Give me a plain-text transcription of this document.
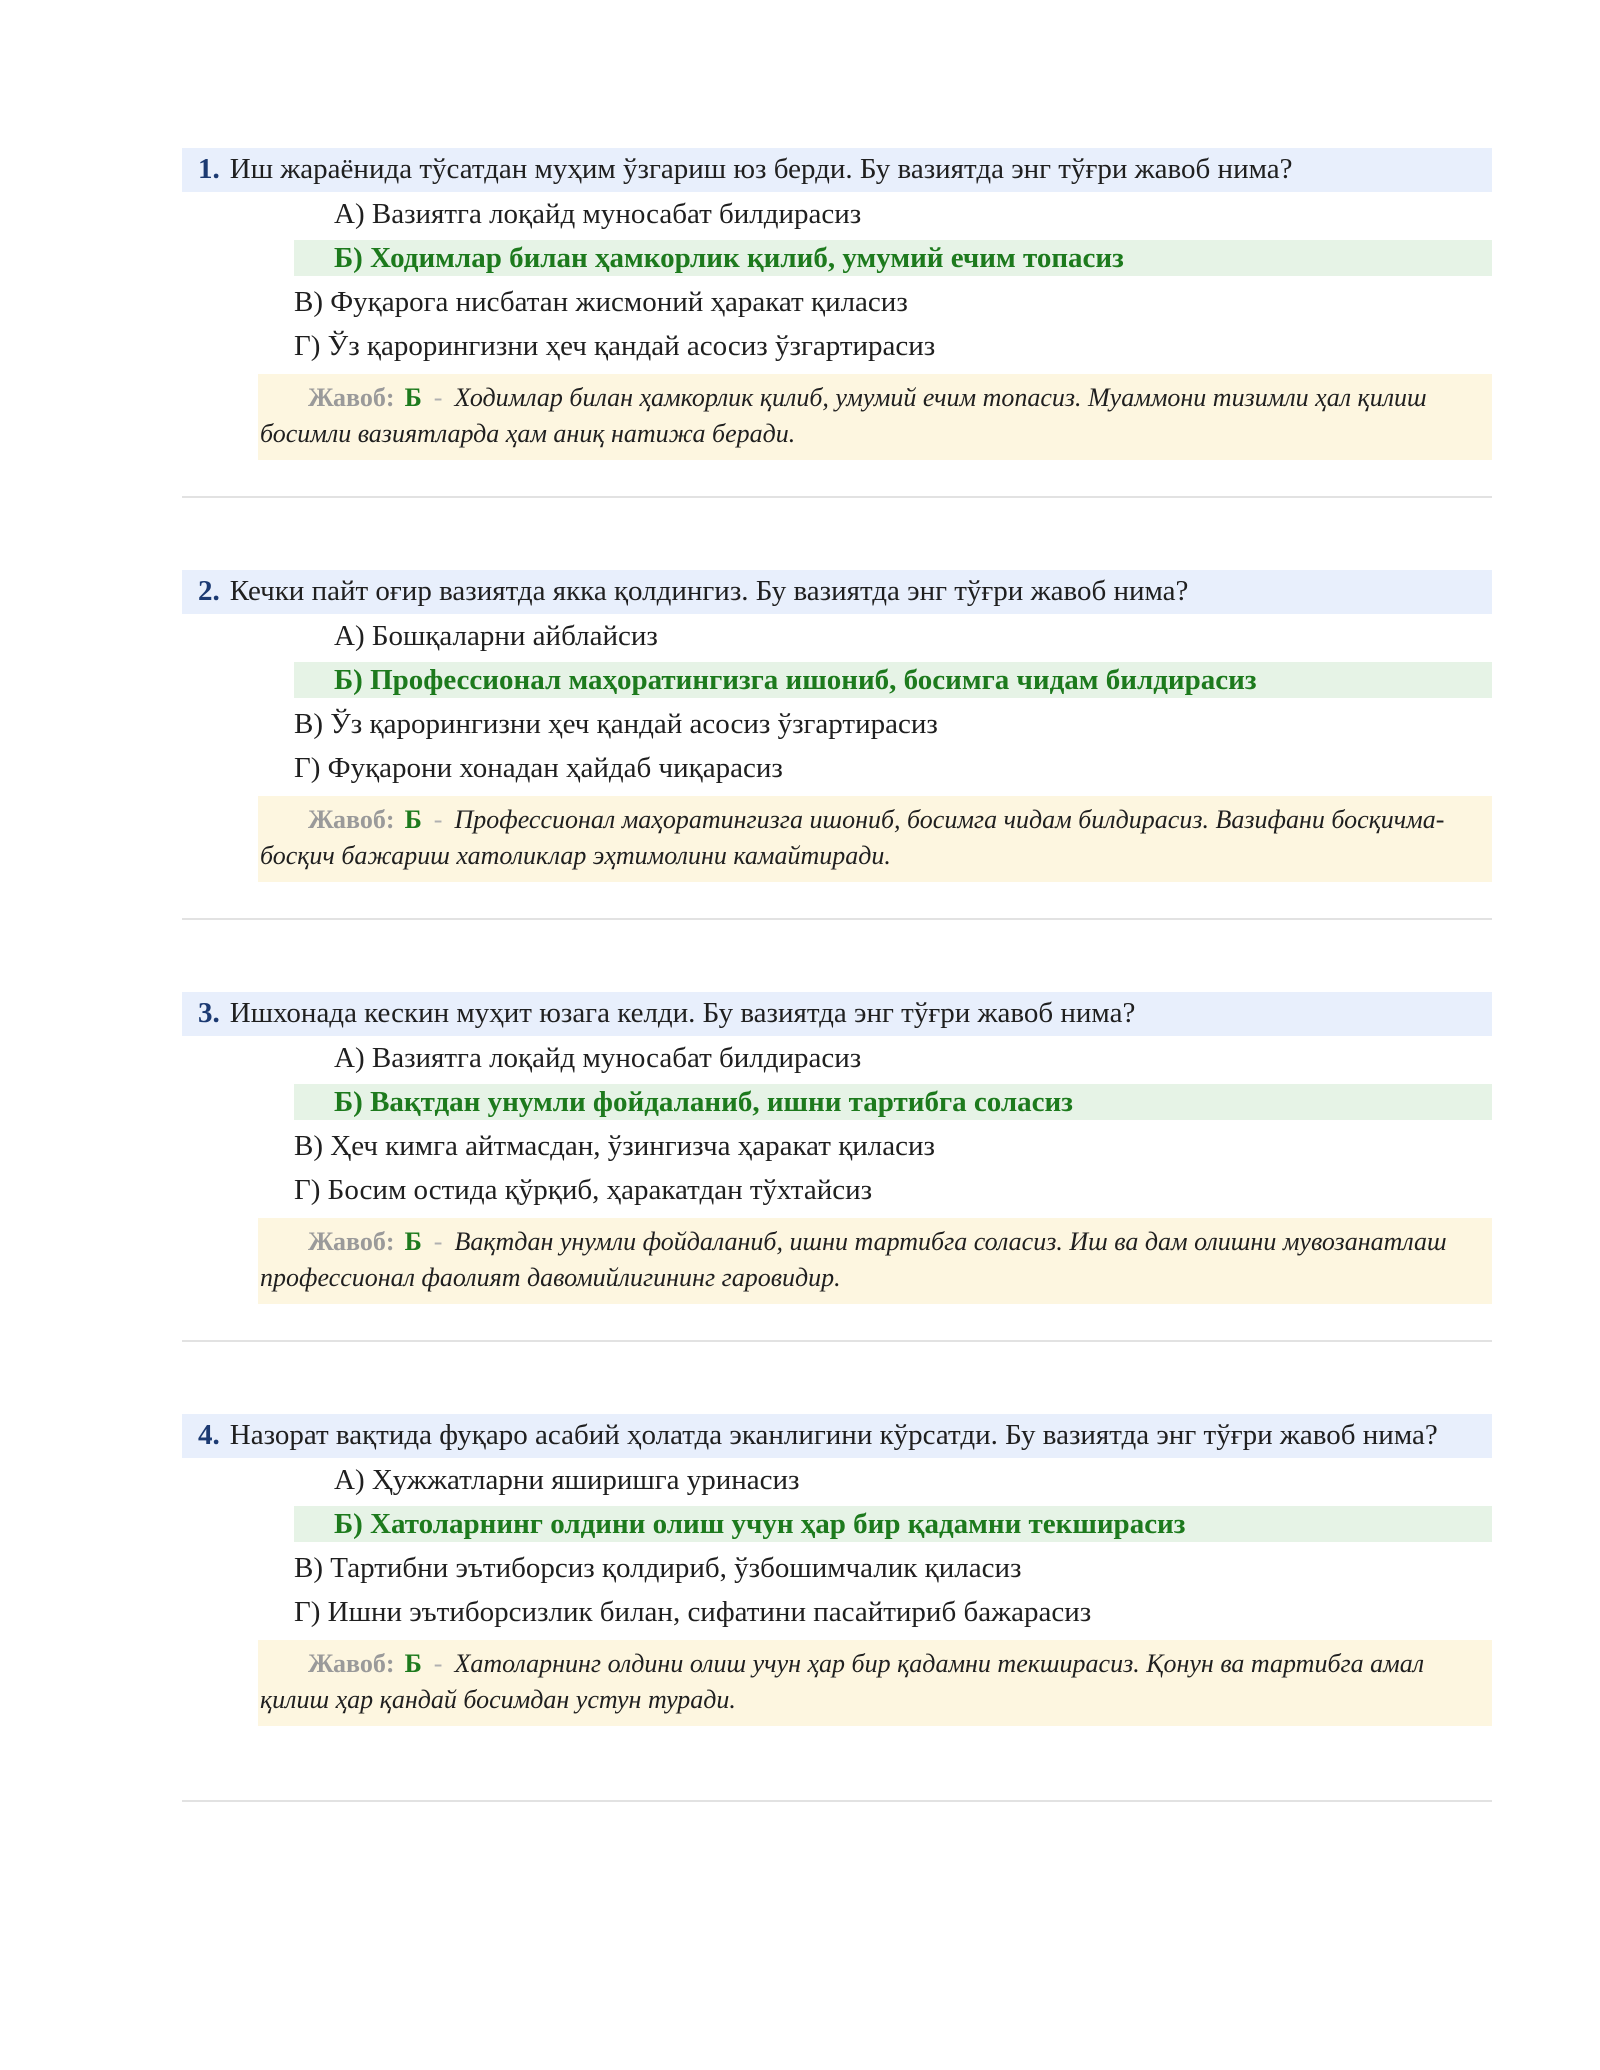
1. Иш жараёнида тўсатдан муҳим ўзгариш юз берди. Бу вазиятда энг тўғри жавоб нима?
А) Вазиятга лоқайд муносабат билдирасиз
Б) Ходимлар билан ҳамкорлик қилиб, умумий ечим топасиз
В) Фуқарога нисбатан жисмоний ҳаракат қиласиз
Г) Ўз қарорингизни ҳеч қандай асосиз ўзгартирасиз
Жавоб: Б - Ходимлар билан ҳамкорлик қилиб, умумий ечим топасиз. Муаммони тизимли ҳал қилиш босимли вазиятларда ҳам аниқ натижа беради.
2. Кечки пайт оғир вазиятда якка қолдингиз. Бу вазиятда энг тўғри жавоб нима?
А) Бошқаларни айблайсиз
Б) Профессионал маҳоратингизга ишониб, босимга чидам билдирасиз
В) Ўз қарорингизни ҳеч қандай асосиз ўзгартирасиз
Г) Фуқарони хонадан ҳайдаб чиқарасиз
Жавоб: Б - Профессионал маҳоратингизга ишониб, босимга чидам билдирасиз. Вазифани босқичма-босқич бажариш хатоликлар эҳтимолини камайтиради.
3. Ишхонада кескин муҳит юзага келди. Бу вазиятда энг тўғри жавоб нима?
А) Вазиятга лоқайд муносабат билдирасиз
Б) Вақтдан унумли фойдаланиб, ишни тартибга соласиз
В) Ҳеч кимга айтмасдан, ўзингизча ҳаракат қиласиз
Г) Босим остида қўрқиб, ҳаракатдан тўхтайсиз
Жавоб: Б - Вақтдан унумли фойдаланиб, ишни тартибга соласиз. Иш ва дам олишни мувозанатлаш профессионал фаолият давомийлигининг гаровидир.
4. Назорат вақтида фуқаро асабий ҳолатда эканлигини кўрсатди. Бу вазиятда энг тўғри жавоб нима?
А) Ҳужжатларни яширишга уринасиз
Б) Хатоларнинг олдини олиш учун ҳар бир қадамни текширасиз
В) Тартибни эътиборсиз қолдириб, ўзбошимчалик қиласиз
Г) Ишни эътиборсизлик билан, сифатини пасайтириб бажарасиз
Жавоб: Б - Хатоларнинг олдини олиш учун ҳар бир қадамни текширасиз. Қонун ва тартибга амал қилиш ҳар қандай босимдан устун туради.
